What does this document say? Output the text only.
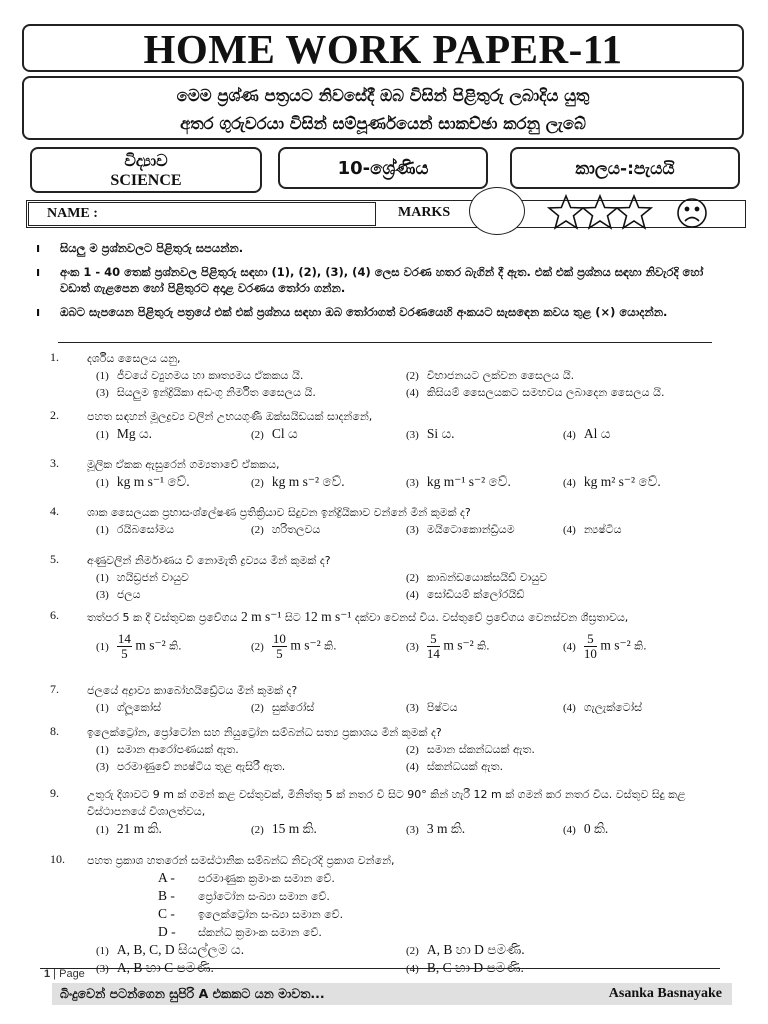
HOME WORK PAPER-11
මෙම ප්‍රශ්ණ පත්‍රයට නිවසේදී ඔබ විසින් පිළිතුරු ලබාදිය යුතු
අතර ගුරුවරයා විසින් සම්පූර්ණයෙන් සාකච්ඡා කරනු ලැබේ
විද්‍යාව
SCIENCE
10-ශ්‍රේණිය	කාලය-:පැයයි
NAME :	MARKS
ı සියලු ම ප්‍රශ්නවලට පිළිතුරු සපයන්න.
ı අංක 1 - 40 තෙක් ප්‍රශ්නවල පිළිතුරු සඳහා (1), (2), (3), (4) ලෙස වරණ හතර බැගින් දී ඇත. එක් එක් ප්‍රශ්නය සඳහා නිවැරදි හෝ වඩාත් ගැළපෙන හෝ පිළිතුරට අදාළ වරණය තෝරා ගන්න.
ı ඔබට සැපයෙන පිළිතුරු පත්‍රයේ එක් එක් ප්‍රශ්නය සඳහා ඔබ තෝරාගත් වරණයෙහි අංකයට සැසඳෙන කවය තුළ (×) යොදන්න.
1.	දර්ශීය සෛලය යනු,
(1) ජීවයේ ව්‍යුහමය හා කෘත්‍යමය ඒකකය යි.	(2) විභාජනයට ලක්වන සෛලය යි.
(3) සියලුම ඉන්ද්‍රියිකා අඩංගු නිර්මිත සෛලය යි.	(4) කිසියම් සෛලයකට සමභවය ලබාදෙන සෛලය යි.
2.	පහත සඳහන් මූලද්‍රව්‍ය වලින් උභයගුණී ඔක්සයිඩයක් සාදන්නේ,
(1) Mg ය.	(2) Cl ය	(3) Si ය.	(4) Al ය
3.	මූලික ඒකක ඇසුරෙන් ගම්‍යතාවේ ඒකකය,
(1) kg m s⁻¹ වේ.	(2) kg m s⁻² වේ.	(3) kg m⁻¹ s⁻² වේ.	(4) kg m² s⁻² වේ.
4.	ශාක සෛලයක ප්‍රභාසංශ්ලේෂණ ප්‍රතික්‍රියාව සිදුවන ඉන්ද්‍රියිකාව වන්නේ මින් කුමක් ද?
(1) රයිබසෝමය	(2) හරිතලවය	(3) මයිටොකොන්ඩ්‍රියම	(4) න්‍යෂ්ටිය
5.	අණුවලින් නිර්මාණය වී නොමැති ද්‍රව්‍යය මින් කුමක් ද?
(1) හයිඩ්‍රජන් වායුව	(2) කාබන්ඩයොක්සයිඩ් වායුව
(3) ජලය	(4) සෝඩියම් ක්ලෝරයිඩ්
6.	තත්පර 5 ක දී වස්තුවක ප්‍රවේගය 2 m s⁻¹ සිට 12 m s⁻¹ දක්වා වෙනස් විය. වස්තුවේ ප්‍රවේගය වෙනස්වන ශීඝ්‍රතාවය,
$(1) \frac{14}{5}$ m s⁻² කි.	$(2) \frac{10}{5}$ m s⁻² කි.	$(3) \frac{5}{14}$ m s⁻² කි.	$(4) \frac{5}{10}$ m s⁻² කි.
7.	ජලයේ අද්‍රාව්‍ය කාබෝහයිඩ්‍රේටය මින් කුමක් ද?
(1) ග්ලූකෝස්	(2) සුක්රෝස්	(3) පිෂ්ටය	(4) ගැලැක්ටෝස්
8.	ඉලෙක්ට්‍රෝන, ප්‍රෝටෝන සහ නියුට්‍රෝන සම්බන්ධ සත්‍ය ප්‍රකාශය මින් කුමක් ද?
(1) සමාන ආරෝපණයක් ඇත.	(2) සමාන ස්කන්ධයක් ඇත.
(3) පරමාණුවේ න්‍යෂ්ටිය තුළ ඇසිරී ඇත.	(4) ස්කන්ධයක් ඇත.
9.	උතුරු දිශාවට 9 m ක් ගමන් කළ වස්තුවක්, මිනිත්තු 5 ක් නතර වී සිට 90° කින් හැරී 12 m ක් ගමන් කර නතර විය. වස්තුව සිදු කළ විස්ථාපනයේ විශාලත්වය,
(1) 21 m කි.	(2) 15 m කි.	(3) 3 m කි.	(4) 0 කි.
10. පහත ප්‍රකාශ හතරෙන් සමස්ථානික සම්බන්ධ නිවැරදි ප්‍රකාශ වන්නේ,
A - පරමාණුක ක්‍රමාංක සමාන වේ.
B - ප්‍රෝටෝන සංඛ්‍යා සමාන වේ.
C - ඉලෙක්ට්‍රෝන සංඛ්‍යා සමාන වේ.
D - ස්කන්ධ ක්‍රමාංක සමාන වේ.
(1) A, B, C, D සියල්ලම ය.	(2) A, B හා D පමණි.
(3) A, B හා C පමණි.	(4) B, C හා D පමණි.
1 | Page
බිංදුවෙන් පටන්ගෙන සුපිරි A එකකට යන මාවත...	Asanka Basnayake
